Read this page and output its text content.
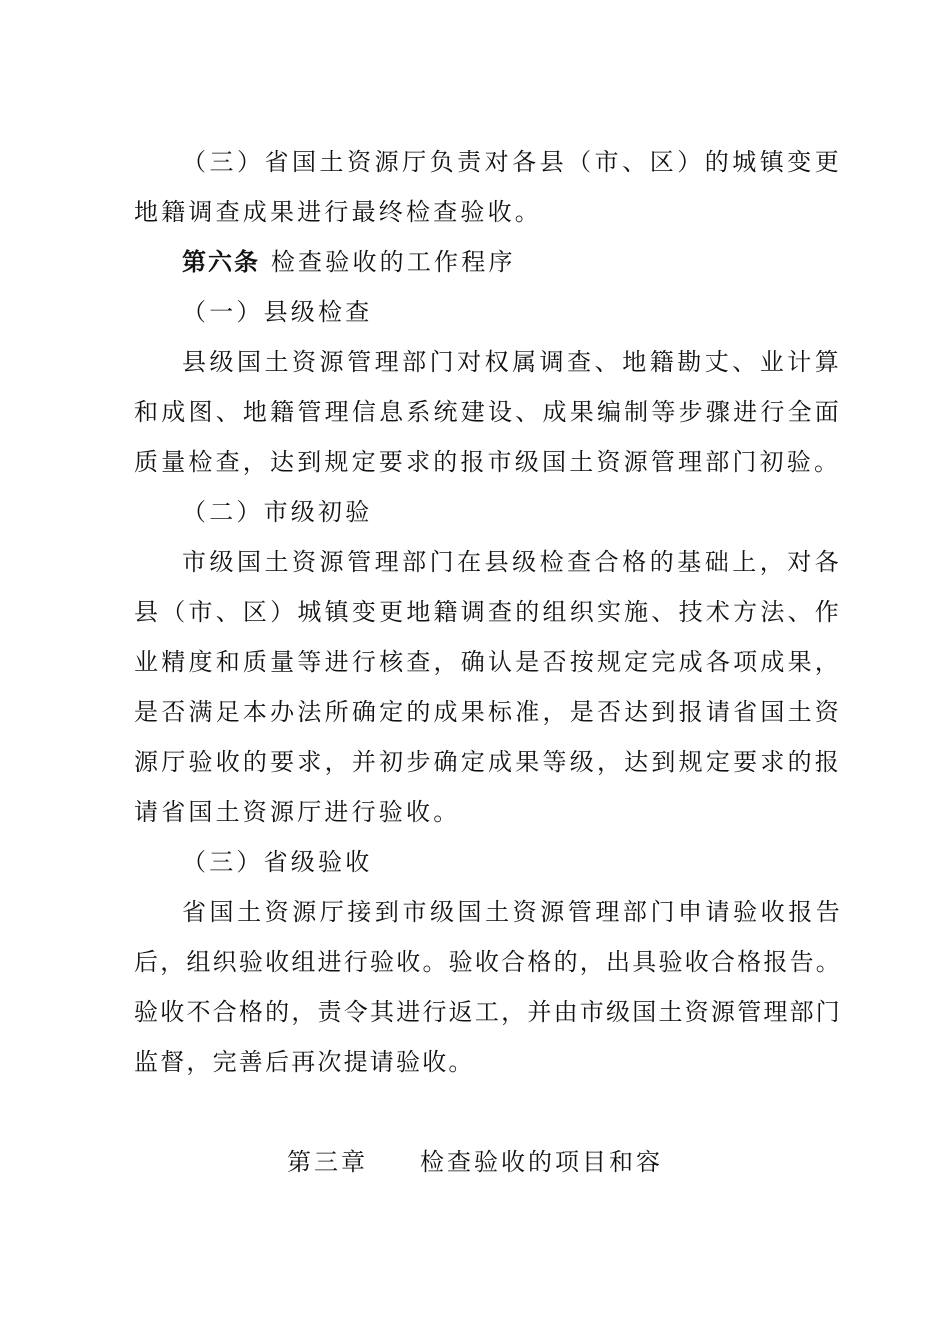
（三）省国土资源厅负责对各县（市、区）的城镇变更地籍调查成果进行最终检查验收。

第六条 检查验收的工作程序

（一）县级检查

县级国土资源管理部门对权属调查、地籍勘丈、业计算和成图、地籍管理信息系统建设、成果编制等步骤进行全面质量检查，达到规定要求的报市级国土资源管理部门初验。

（二）市级初验

市级国土资源管理部门在县级检查合格的基础上，对各县（市、区）城镇变更地籍调查的组织实施、技术方法、作业精度和质量等进行核查，确认是否按规定完成各项成果，是否满足本办法所确定的成果标准，是否达到报请省国土资源厅验收的要求，并初步确定成果等级，达到规定要求的报请省国土资源厅进行验收。

（三）省级验收

省国土资源厅接到市级国土资源管理部门申请验收报告后，组织验收组进行验收。验收合格的，出具验收合格报告。验收不合格的，责令其进行返工，并由市级国土资源管理部门监督，完善后再次提请验收。

第三章 检查验收的项目和容
